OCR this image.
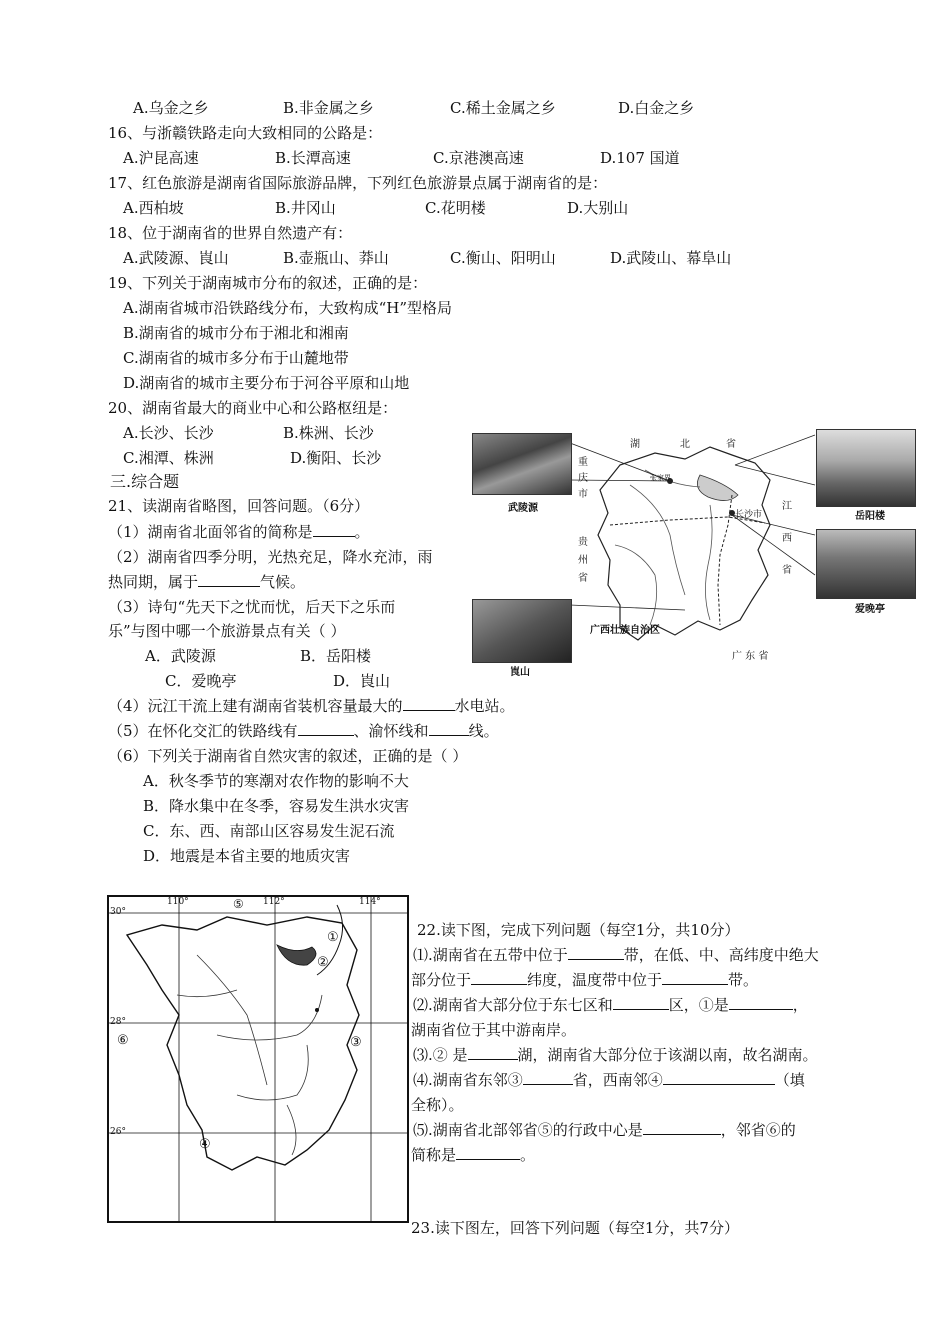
A.乌金之乡	B.非金属之乡	C.稀土金属之乡	D.白金之乡
16、与浙赣铁路走向大致相同的公路是：
A.沪昆高速	B.长潭高速	C.京港澳高速	D.107 国道
17、红色旅游是湖南省国际旅游品牌，下列红色旅游景点属于湖南省的是：
A.西柏坡	B.井冈山	C.花明楼	D.大别山
18、位于湖南省的世界自然遗产有：
A.武陵源、崀山	B.壶瓶山、莽山	C.衡山、阳明山	D.武陵山、幕阜山
19、下列关于湖南城市分布的叙述，正确的是：
A.湖南省城市沿铁路线分布，大致构成“H”型格局
B.湖南省的城市分布于湘北和湘南
C.湖南省的城市多分布于山麓地带
D.湖南省的城市主要分布于河谷平原和山地
20、湖南省最大的商业中心和公路枢纽是：
A.长沙、长沙	B.株洲、长沙
C.湘潭、株洲	D.衡阳、长沙
三.综合题
21、读湖南省略图，回答问题。（6分）
（1）湖南省北面邻省的简称是	。
（2）湖南省四季分明，光热充足，降水充沛，雨
热同期，属于	气候。
（3）诗句“先天下之忧而忧，后天下之乐而
乐”与图中哪一个旅游景点有关（ ）
A．武陵源	B．岳阳楼
C．爱晚亭	D．崀山
（4）沅江干流上建有湖南省装机容量最大的	水电站。
（5）在怀化交汇的铁路线有	、渝怀线和	线。
（6）下列关于湖南省自然灾害的叙述，正确的是（ ）
A．秋冬季节的寒潮对农作物的影响不大
B．降水集中在冬季，容易发生洪水灾害
C．东、西、南部山区容易发生泥石流
D．地震是本省主要的地质灾害
武陵源
岳阳楼
爱晚亭
崀山
湖	北	省
重
庆
市
贵
州
省
江
西
省
广西壮族自治区
广 东 省
长沙市
张家界
110°	⑤ 112°	114°
30°
28°
26°
①
②
③
④
⑥
22.读下图，完成下列问题（每空1分，共10分）
⑴.湖南省在五带中位于	带，在低、中、高纬度中绝大
部分位于	纬度，温度带中位于	带。
⑵.湖南省大部分位于东七区和	区，①是	，
湖南省位于其中游南岸。
⑶.② 是	湖，湖南省大部分位于该湖以南，故名湖南。
⑷.湖南省东邻③	省，西南邻④	（填
全称）。
⑸.湖南省北部邻省⑤的行政中心是	，邻省⑥的
简称是	。
23.读下图左，回答下列问题（每空1分，共7分）
